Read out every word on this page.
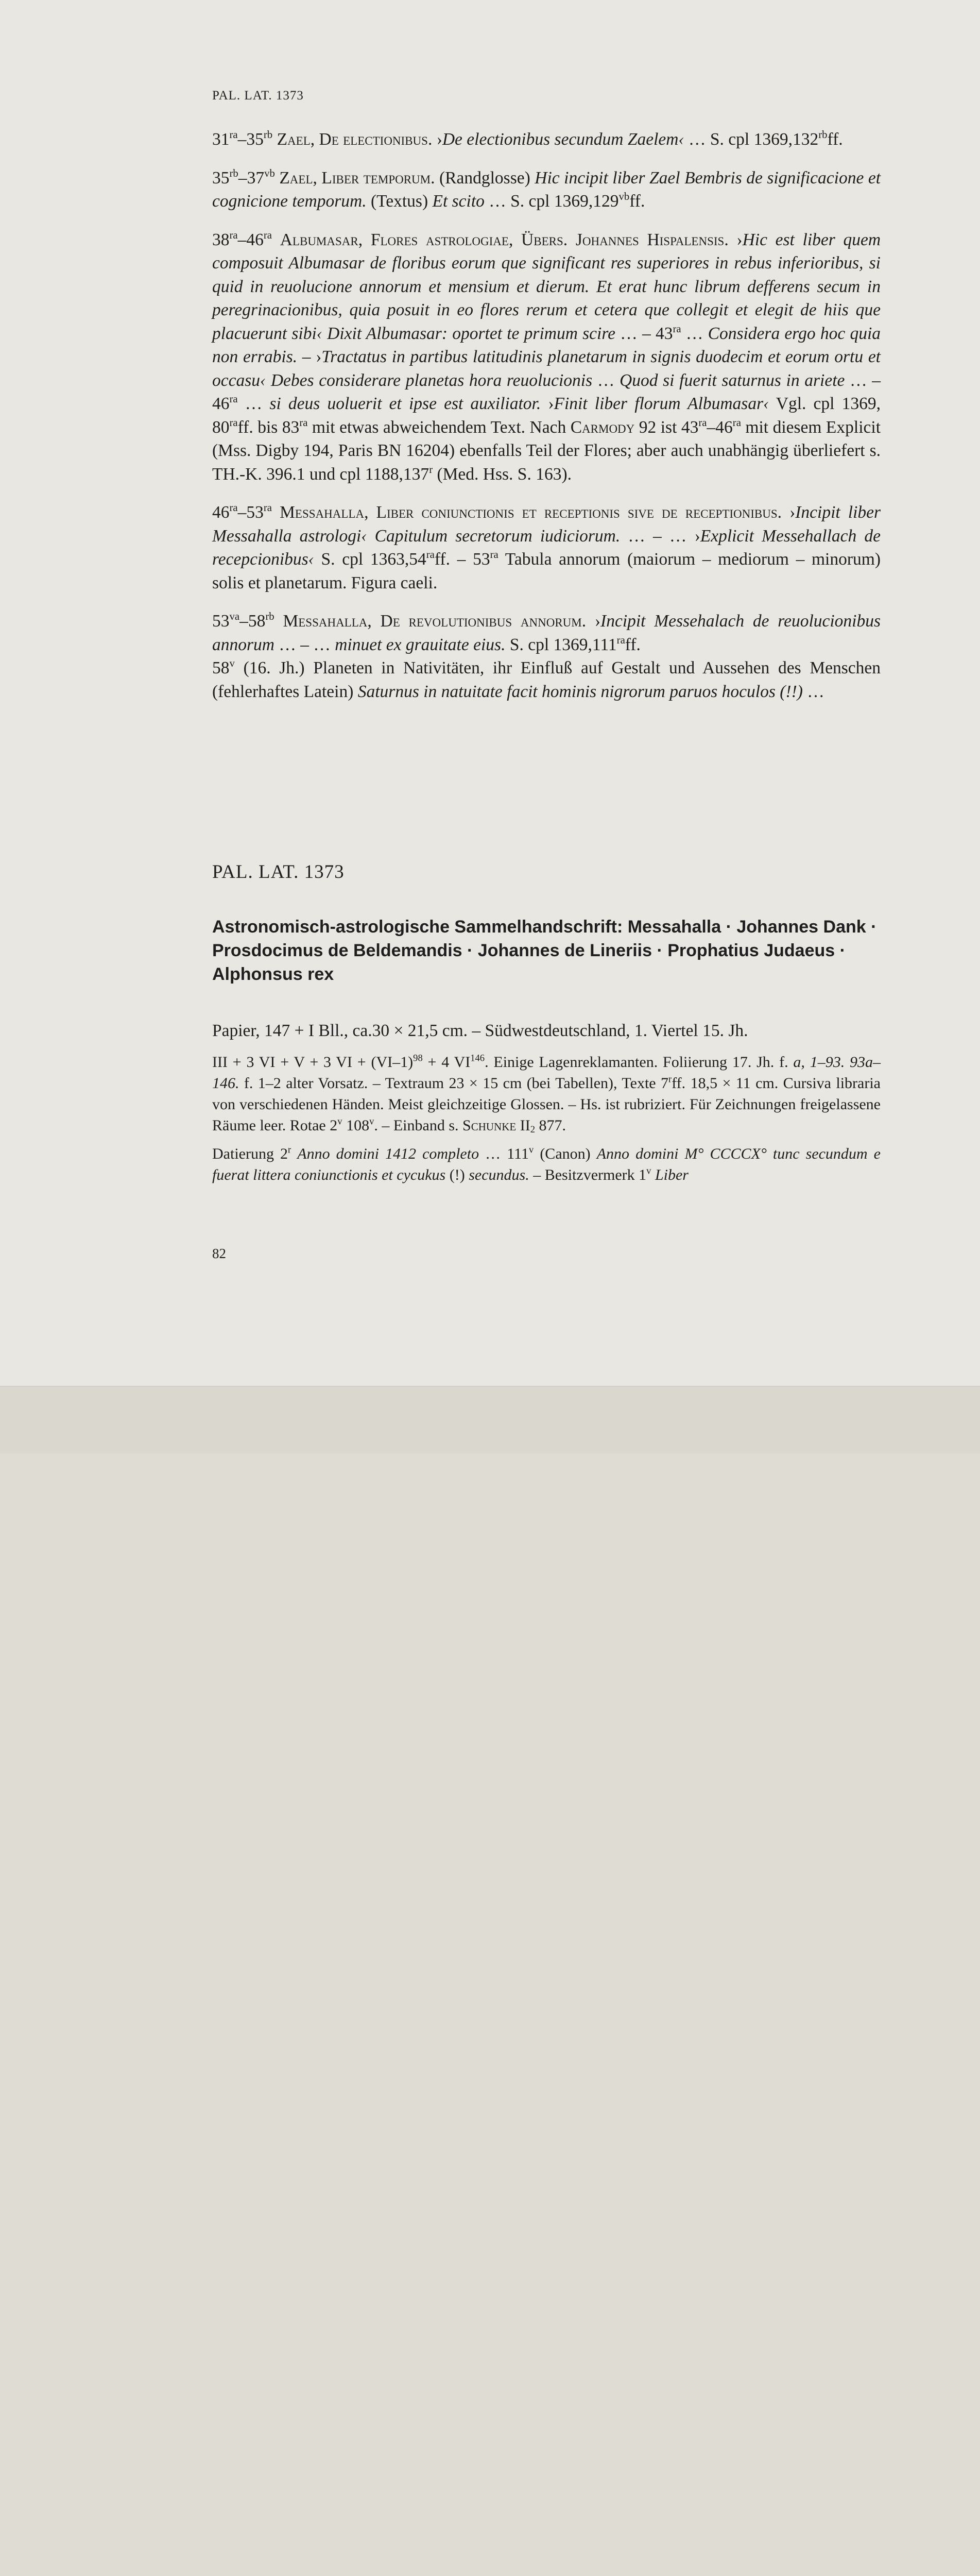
PAL. LAT. 1373

$31^{ra}-35^{rb}$ Zael, De electionibus. ›De electionibus secundum Zaelem‹ … S. cpl $1369,132^{rb}ff$.

$35^{rb}-37^{vb}$ Zael, Liber temporum. (Randglosse) Hic incipit liber Zael Bembris de significacione et cognicione temporum. (Textus) Et scito … S. cpl $1369,129^{vb}ff$.

$38^{ra}-46^{ra}$ Albumasar, Flores astrologiae, Übers. Johannes Hispalensis. ›Hic est liber quem composuit Albumasar de floribus eorum que significant res superiores in rebus inferioribus, si quid in reuolucione annorum et mensium et dierum. Et erat hunc librum defferens secum in peregrinacionibus, quia posuit in eo flores rerum et cetera que collegit et elegit de hiis que placuerunt sibi‹ Dixit Albumasar: oportet te primum scire … – $43^{ra}$ … Considera ergo hoc quia non errabis. – ›Tractatus in partibus latitudinis planetarum in signis duodecim et eorum ortu et occasu‹ Debes considerare planetas hora reuolucionis … Quod si fuerit saturnus in ariete … – $46^{ra}$ … si deus uoluerit et ipse est auxiliator. ›Finit liber florum Albumasar‹ Vgl. cpl 1369, $80^{ra}ff$. bis $83^{ra}$ mit etwas abweichendem Text. Nach Carmody 92 ist $43^{ra}-46^{ra}$ mit diesem Explicit (Mss. Digby 194, Paris BN 16204) ebenfalls Teil der Flores; aber auch unabhängig überliefert s. TH.-K. 396.1 und cpl 1188,137$^r$ (Med. Hss. S. 163).

$46^{ra}-53^{ra}$ Messahalla, Liber coniunctionis et receptionis sive de receptionibus. ›Incipit liber Messahalla astrologi‹ Capitulum secretorum iudiciorum. … – … ›Explicit Messehallach de recepcionibus‹ S. cpl $1363,54^{ra}ff$. – $53^{ra}$ Tabula annorum (maiorum – mediorum – minorum) solis et planetarum. Figura caeli.

$53^{va}-58^{rb}$ Messahalla, De revolutionibus annorum. ›Incipit Messehalach de reuolucionibus annorum … – … minuet ex grauitate eius. S. cpl $1369,111^{ra}ff$.

58$^v$ (16. Jh.) Planeten in Nativitäten, ihr Einfluß auf Gestalt und Aussehen des Menschen (fehlerhaftes Latein) Saturnus in natuitate facit hominis nigrorum paruos hoculos (!!) …

PAL. LAT. 1373

Astronomisch-astrologische Sammelhandschrift: Messahalla · Johannes Dank · Prosdocimus de Beldemandis · Johannes de Lineriis · Prophatius Judaeus · Alphonsus rex

Papier, 147 + I Bll., ca.30 × 21,5 cm. – Südwestdeutschland, 1. Viertel 15. Jh.

III + 3 VI + V + 3 VI + $(VI-1)^{98} + 4$ VI$^{146}$. Einige Lagenreklamanten. Foliierung 17. Jh. f. a, 1–93. 93a–146. f. 1–2 alter Vorsatz. – Textraum 23 × 15 cm (bei Tabellen), Texte 7$^r$ff. 18,5 × 11 cm. Cursiva libraria von verschiedenen Händen. Meist gleichzeitige Glossen. – Hs. ist rubriziert. Für Zeichnungen freigelassene Räume leer. Rotae 2$^v$ 108$^v$. – Einband s. Schunke $II_2$ 877.

Datierung 2$^r$ Anno domini 1412 completo … 111$^v$ (Canon) Anno domini M° CCCCX° tunc secundum e fuerat littera coniunctionis et cycukus (!) secundus. – Besitzvermerk 1$^v$ Liber

82
